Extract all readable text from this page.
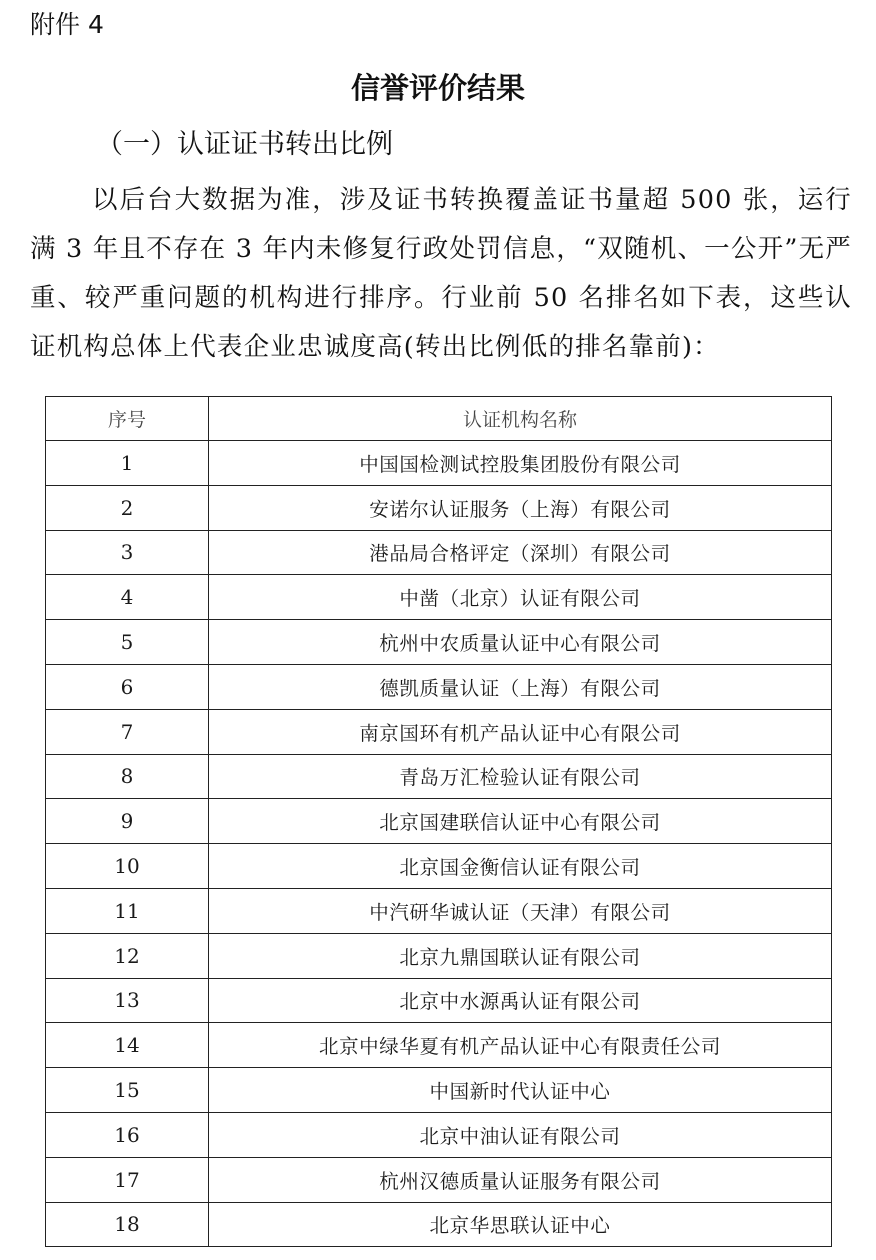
附件 4
信誉评价结果
（一）认证证书转出比例

以后台大数据为准，涉及证书转换覆盖证书量超 500 张，运行满 3 年且不存在 3 年内未修复行政处罚信息，“双随机、一公开”无严重、较严重问题的机构进行排序。行业前 50 名排名如下表，这些认证机构总体上代表企业忠诚度高(转出比例低的排名靠前)：

序号	认证机构名称
1	中国国检测试控股集团股份有限公司
2	安诺尔认证服务（上海）有限公司
3	港品局合格评定（深圳）有限公司
4	中凿（北京）认证有限公司
5	杭州中农质量认证中心有限公司
6	德凯质量认证（上海）有限公司
7	南京国环有机产品认证中心有限公司
8	青岛万汇检验认证有限公司
9	北京国建联信认证中心有限公司
10	北京国金衡信认证有限公司
11	中汽研华诚认证（天津）有限公司
12	北京九鼎国联认证有限公司
13	北京中水源禹认证有限公司
14	北京中绿华夏有机产品认证中心有限责任公司
15	中国新时代认证中心
16	北京中油认证有限公司
17	杭州汉德质量认证服务有限公司
18	北京华思联认证中心
